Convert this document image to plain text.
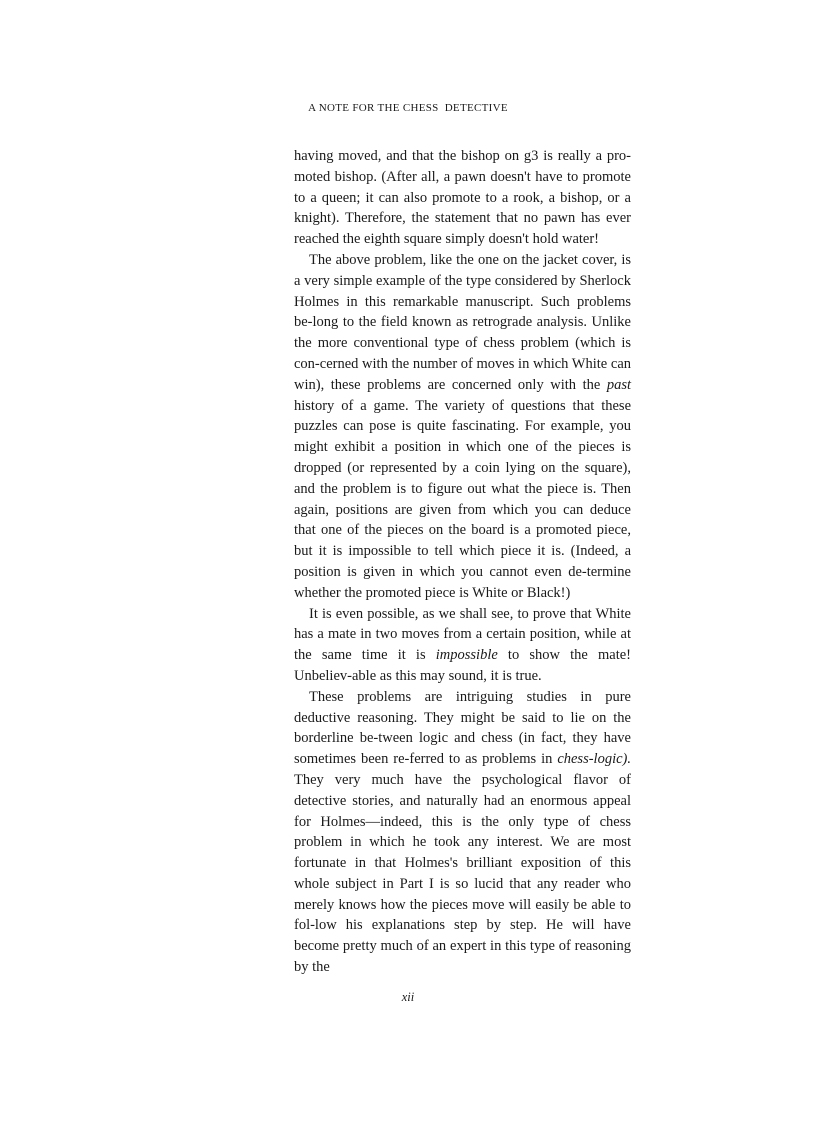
A NOTE FOR THE CHESS  DETECTIVE

having moved, and that the bishop on g3 is really a pro-moted bishop. (After all, a pawn doesn't have to promote to a queen; it can also promote to a rook, a bishop, or a knight). Therefore, the statement that no pawn has ever reached the eighth square simply doesn't hold water!

The above problem, like the one on the jacket cover, is a very simple example of the type considered by Sherlock Holmes in this remarkable manuscript. Such problems be-long to the field known as retrograde analysis. Unlike the more conventional type of chess problem (which is con-cerned with the number of moves in which White can win), these problems are concerned only with the past history of a game. The variety of questions that these puzzles can pose is quite fascinating. For example, you might exhibit a position in which one of the pieces is dropped (or represented by a coin lying on the square), and the problem is to figure out what the piece is. Then again, positions are given from which you can deduce that one of the pieces on the board is a promoted piece, but it is impossible to tell which piece it is. (Indeed, a position is given in which you cannot even de-termine whether the promoted piece is White or Black!)

It is even possible, as we shall see, to prove that White has a mate in two moves from a certain position, while at the same time it is impossible to show the mate! Unbeliev-able as this may sound, it is true.

These problems are intriguing studies in pure deductive reasoning. They might be said to lie on the borderline be-tween logic and chess (in fact, they have sometimes been re-ferred to as problems in chess-logic). They very much have the psychological flavor of detective stories, and naturally had an enormous appeal for Holmes—indeed, this is the only type of chess problem in which he took any interest. We are most fortunate in that Holmes's brilliant exposition of this whole subject in Part I is so lucid that any reader who merely knows how the pieces move will easily be able to fol-low his explanations step by step. He will have become pretty much of an expert in this type of reasoning by the

xii
